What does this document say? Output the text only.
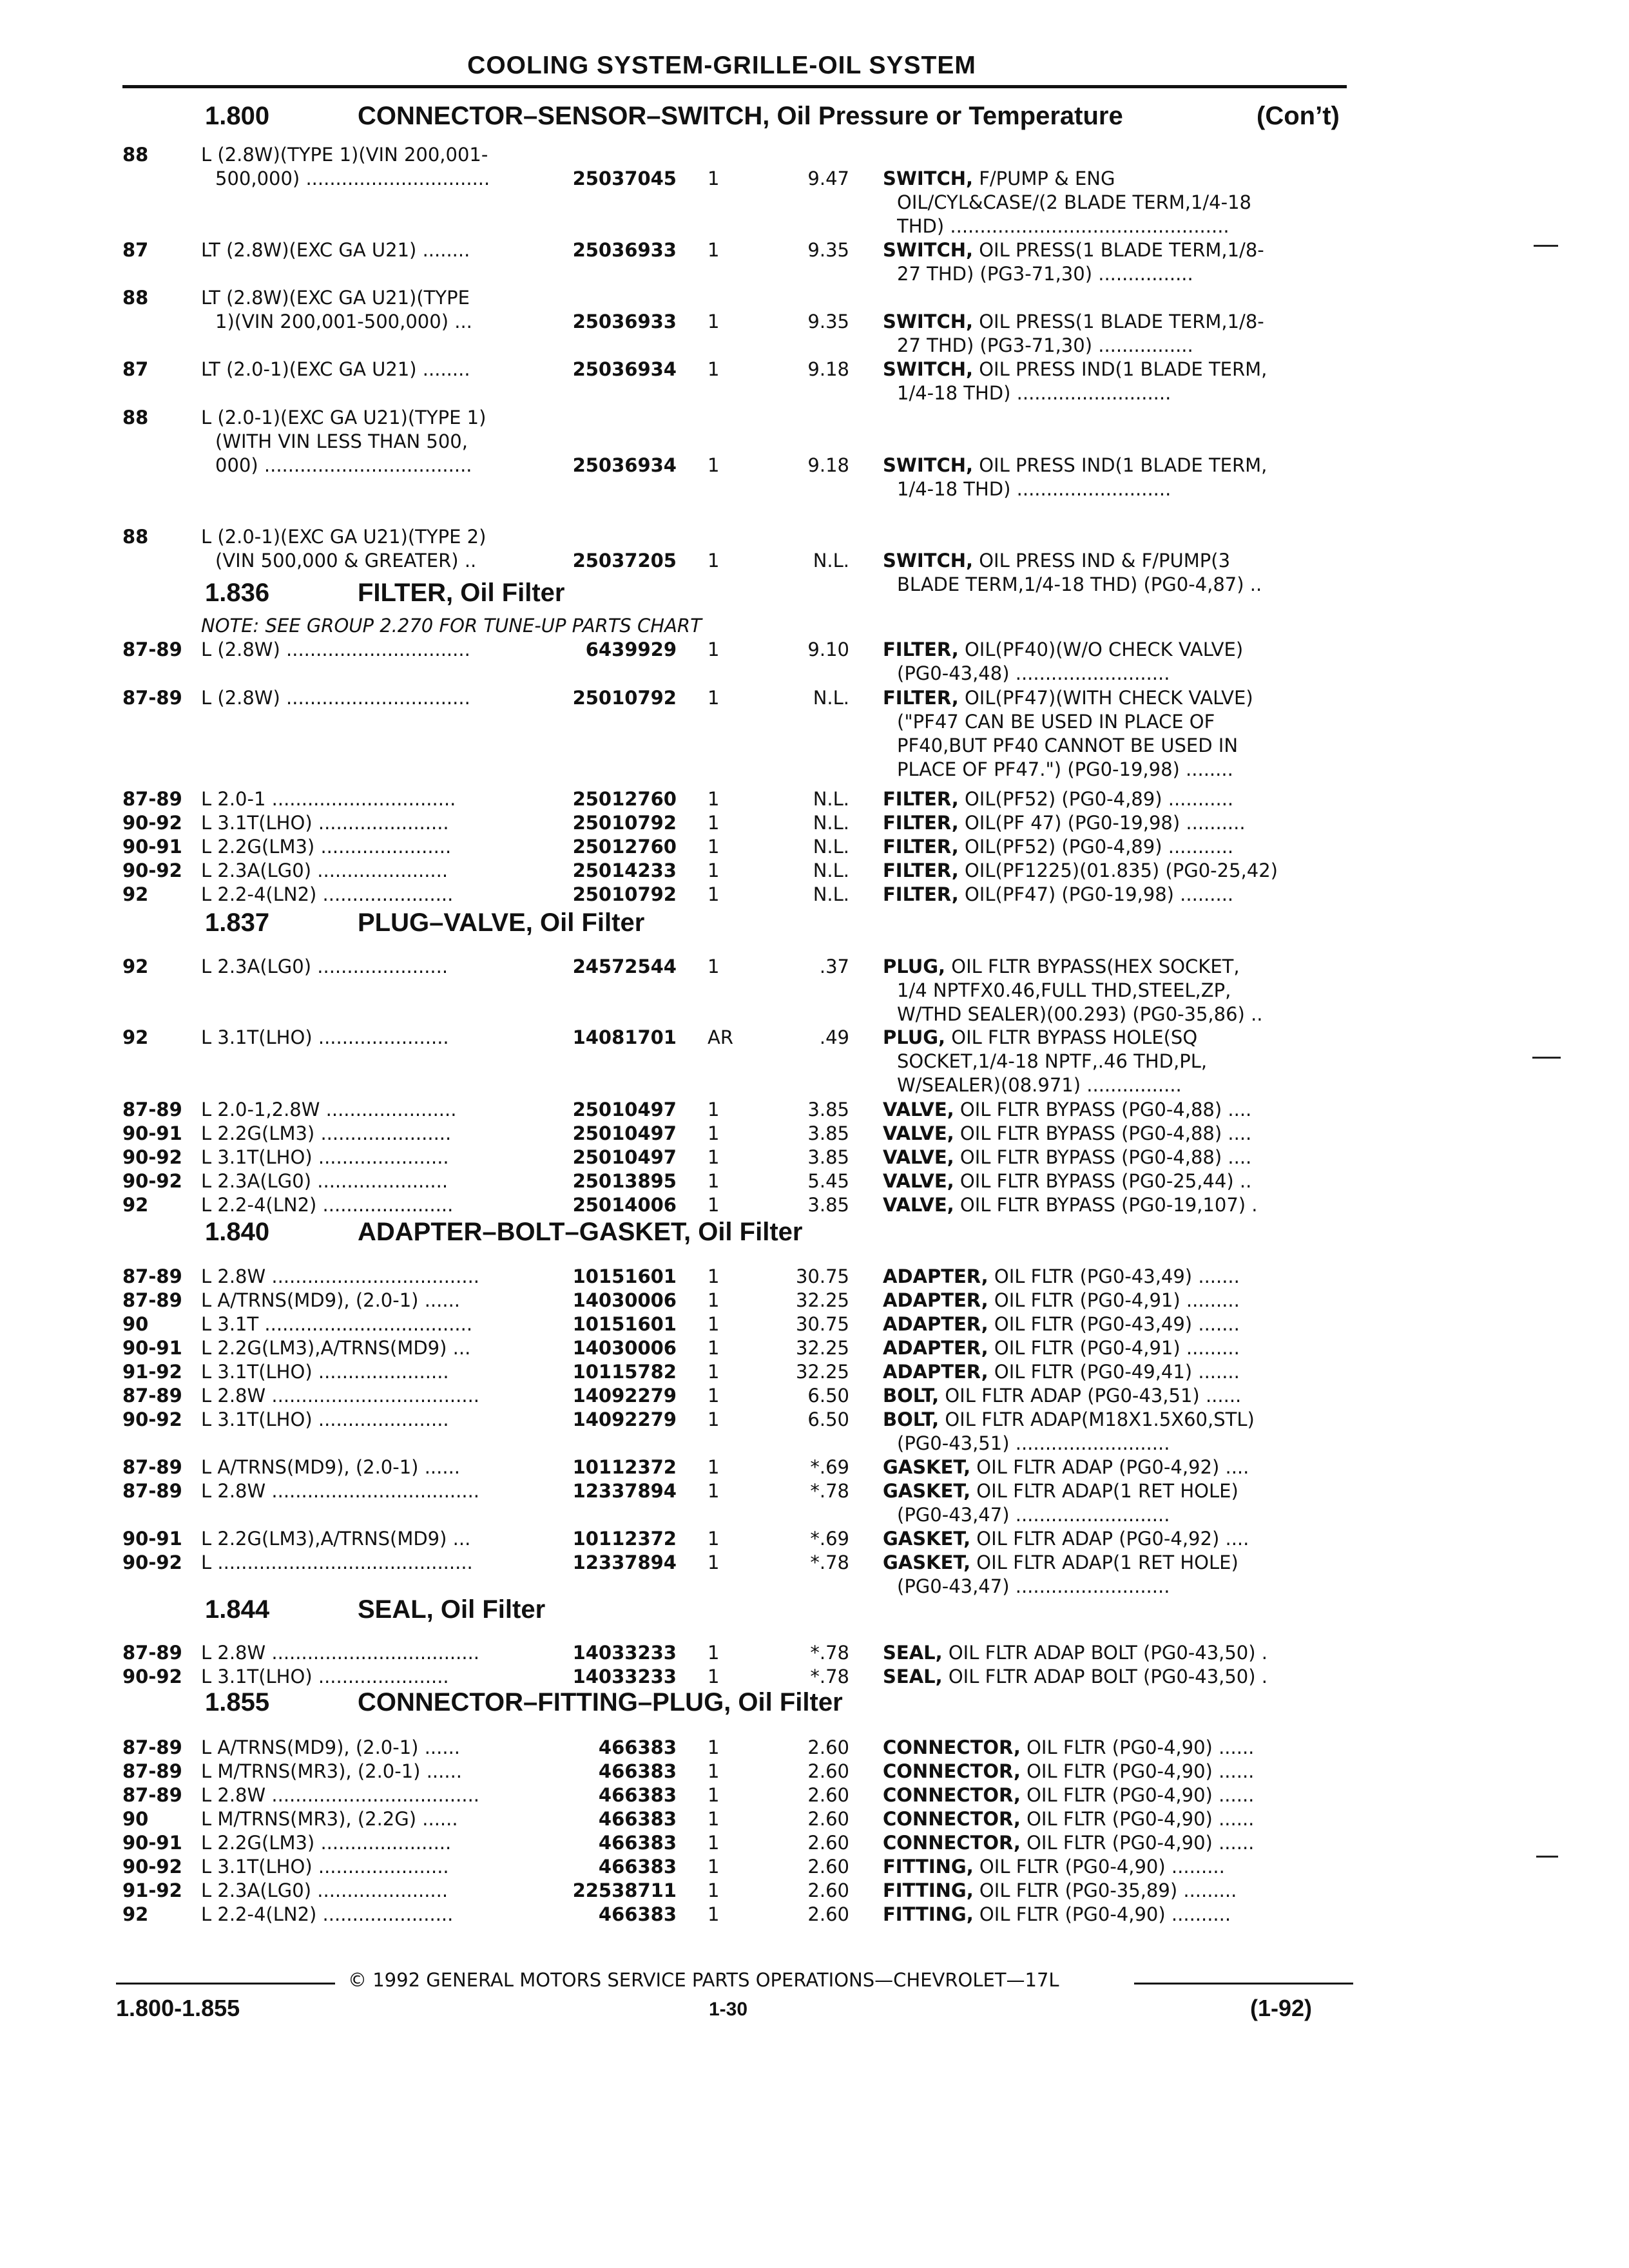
COOLING SYSTEM-GRILLE-OIL SYSTEM
1.800	CONNECTOR–SENSOR–SWITCH, Oil Pressure or Temperature	(Con’t)
88	L (2.8W)(TYPE 1)(VIN 200,001-
500,000) ...............................	25037045 1	9.47 SWITCH, F/PUMP & ENG
OIL/CYL&CASE/(2 BLADE TERM,1/4-18
THD) ...............................................
87	LT (2.8W)(EXC GA U21) ........	25036933 1	9.35 SWITCH, OIL PRESS(1 BLADE TERM,1/8-
27 THD) (PG3-71,30) ................
88	LT (2.8W)(EXC GA U21)(TYPE
1)(VIN 200,001-500,000) ...	25036933 1	9.35 SWITCH, OIL PRESS(1 BLADE TERM,1/8-
27 THD) (PG3-71,30) ................
87	LT (2.0-1)(EXC GA U21) ........	25036934 1	9.18 SWITCH, OIL PRESS IND(1 BLADE TERM,
1/4-18 THD) ..........................
88	L (2.0-1)(EXC GA U21)(TYPE 1)
(WITH VIN LESS THAN 500,
000) ...................................	25036934 1	9.18 SWITCH, OIL PRESS IND(1 BLADE TERM,
1/4-18 THD) ..........................
88	L (2.0-1)(EXC GA U21)(TYPE 2)
(VIN 500,000 & GREATER) ..	25037205 1	N.L. SWITCH, OIL PRESS IND & F/PUMP(3
BLADE TERM,1/4-18 THD) (PG0-4,87) ..
1.836	FILTER, Oil Filter
NOTE: SEE GROUP 2.270 FOR TUNE-UP PARTS CHART
87-89 L (2.8W) ...............................	6439929 1	9.10 FILTER, OIL(PF40)(W/O CHECK VALVE)
(PG0-43,48) ..........................
87-89 L (2.8W) ...............................	25010792 1	N.L. FILTER, OIL(PF47)(WITH CHECK VALVE)
("PF47 CAN BE USED IN PLACE OF
PF40,BUT PF40 CANNOT BE USED IN
PLACE OF PF47.") (PG0-19,98) ........
87-89 L 2.0-1 ...............................	25012760 1	N.L. FILTER, OIL(PF52) (PG0-4,89) ...........
90-92 L 3.1T(LHO) ......................	25010792 1	N.L. FILTER, OIL(PF 47) (PG0-19,98) ..........
90-91 L 2.2G(LM3) ......................	25012760 1	N.L. FILTER, OIL(PF52) (PG0-4,89) ...........
90-92 L 2.3A(LG0) ......................	25014233 1	N.L. FILTER, OIL(PF1225)(01.835) (PG0-25,42)
92	L 2.2-4(LN2) ......................	25010792 1	N.L. FILTER, OIL(PF47) (PG0-19,98) .........
1.837	PLUG–VALVE, Oil Filter
92	L 2.3A(LG0) ......................	24572544 1	.37 PLUG, OIL FLTR BYPASS(HEX SOCKET,
1/4 NPTFX0.46,FULL THD,STEEL,ZP,
W/THD SEALER)(00.293) (PG0-35,86) ..
92	L 3.1T(LHO) ......................	14081701 AR	.49 PLUG, OIL FLTR BYPASS HOLE(SQ
SOCKET,1/4-18 NPTF,.46 THD,PL,
W/SEALER)(08.971) ................
87-89 L 2.0-1,2.8W ......................	25010497 1	3.85 VALVE, OIL FLTR BYPASS (PG0-4,88) ....
90-91 L 2.2G(LM3) ......................	25010497 1	3.85 VALVE, OIL FLTR BYPASS (PG0-4,88) ....
90-92 L 3.1T(LHO) ......................	25010497 1	3.85 VALVE, OIL FLTR BYPASS (PG0-4,88) ....
90-92 L 2.3A(LG0) ......................	25013895 1	5.45 VALVE, OIL FLTR BYPASS (PG0-25,44) ..
92	L 2.2-4(LN2) ......................	25014006 1	3.85 VALVE, OIL FLTR BYPASS (PG0-19,107) .
1.840	ADAPTER–BOLT–GASKET, Oil Filter
87-89 L 2.8W ...................................	10151601 1	30.75 ADAPTER, OIL FLTR (PG0-43,49) .......
87-89 L A/TRNS(MD9), (2.0-1) ......	14030006 1	32.25 ADAPTER, OIL FLTR (PG0-4,91) .........
90	L 3.1T ...................................	10151601 1	30.75 ADAPTER, OIL FLTR (PG0-43,49) .......
90-91 L 2.2G(LM3),A/TRNS(MD9) ...	14030006 1	32.25 ADAPTER, OIL FLTR (PG0-4,91) .........
91-92 L 3.1T(LHO) ......................	10115782 1	32.25 ADAPTER, OIL FLTR (PG0-49,41) .......
87-89 L 2.8W ...................................	14092279 1	6.50 BOLT, OIL FLTR ADAP (PG0-43,51) ......
90-92 L 3.1T(LHO) ......................	14092279 1	6.50 BOLT, OIL FLTR ADAP(M18X1.5X60,STL)
(PG0-43,51) ..........................
87-89 L A/TRNS(MD9), (2.0-1) ......	10112372 1	*.69 GASKET, OIL FLTR ADAP (PG0-4,92) ....
87-89 L 2.8W ...................................	12337894 1	*.78 GASKET, OIL FLTR ADAP(1 RET HOLE)
(PG0-43,47) ..........................
90-91 L 2.2G(LM3),A/TRNS(MD9) ...	10112372 1	*.69 GASKET, OIL FLTR ADAP (PG0-4,92) ....
90-92 L ...........................................	12337894 1	*.78 GASKET, OIL FLTR ADAP(1 RET HOLE)
(PG0-43,47) ..........................
1.844	SEAL, Oil Filter
87-89 L 2.8W ...................................	14033233 1	*.78 SEAL, OIL FLTR ADAP BOLT (PG0-43,50) .
90-92 L 3.1T(LHO) ......................	14033233 1	*.78 SEAL, OIL FLTR ADAP BOLT (PG0-43,50) .
1.855	CONNECTOR–FITTING–PLUG, Oil Filter
87-89 L A/TRNS(MD9), (2.0-1) ......	466383 1	2.60 CONNECTOR, OIL FLTR (PG0-4,90) ......
87-89 L M/TRNS(MR3), (2.0-1) ......	466383 1	2.60 CONNECTOR, OIL FLTR (PG0-4,90) ......
87-89 L 2.8W ...................................	466383 1	2.60 CONNECTOR, OIL FLTR (PG0-4,90) ......
90	L M/TRNS(MR3), (2.2G) ......	466383 1	2.60 CONNECTOR, OIL FLTR (PG0-4,90) ......
90-91 L 2.2G(LM3) ......................	466383 1	2.60 CONNECTOR, OIL FLTR (PG0-4,90) ......
90-92 L 3.1T(LHO) ......................	466383 1	2.60 FITTING, OIL FLTR (PG0-4,90) .........
91-92 L 2.3A(LG0) ......................	22538711 1	2.60 FITTING, OIL FLTR (PG0-35,89) .........
92	L 2.2-4(LN2) ......................	466383 1	2.60 FITTING, OIL FLTR (PG0-4,90) ..........
© 1992 GENERAL MOTORS SERVICE PARTS OPERATIONS—CHEVROLET—17L
1.800-1.855	1-30	(1-92)
